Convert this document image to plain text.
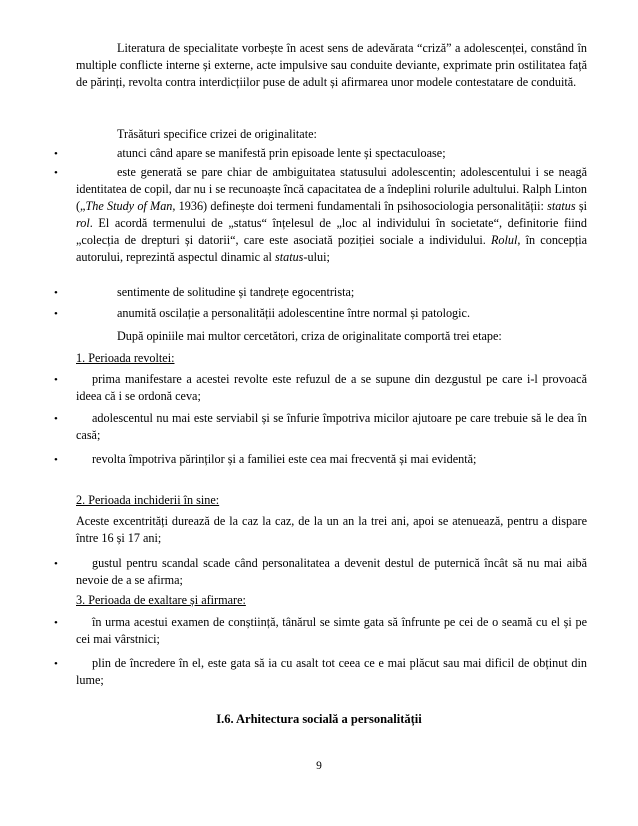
Literatura de specialitate vorbește în acest sens de adevărata “criză” a adolescenței, constând în multiple conflicte interne și externe, acte impulsive sau conduite deviante, exprimate prin ostilitatea față de părinți, revolta contra interdicțiilor puse de adult și afirmarea unor modele contestatare de conduită.

Trăsături specifice crizei de originalitate:

•	atunci când apare se manifestă prin episoade lente și spectaculoase;

•	este generată se pare chiar de ambiguitatea statusului adolescentin; adolescentului i se neagă identitatea de copil, dar nu i se recunoaște încă capacitatea de a îndeplini rolurile adultului. Ralph Linton („The Study of Man, 1936) definește doi termeni fundamentali în psihosociologia personalității: status și rol. El acordă termenului de „status“ înțelesul de „loc al individului în societate“, definitorie fiind „colecția de drepturi și datorii“, care este asociată poziției sociale a individului. Rolul, în concepția autorului, reprezintă aspectul dinamic al status-ului;

•	sentimente de solitudine și tandrețe egocentrista;

•	anumită oscilație a personalității adolescentine între normal și patologic.

După opiniile mai multor cercetători, criza de originalitate comportă trei etape:

1. Perioada revoltei:

•	prima manifestare a acestei revolte este refuzul de a se supune din dezgustul pe care i-l provoacă ideea că i se ordonă ceva;

•	adolescentul nu mai este serviabil și se înfurie împotriva micilor ajutoare pe care trebuie să le dea în casă;

•	revolta împotriva părinților și a familiei este cea mai frecventă și mai evidentă;

2. Perioada inchiderii în sine:

Aceste excentrități durează de la caz la caz, de la un an la trei ani, apoi se atenuează, pentru a dispare între 16 și 17 ani;

•	gustul pentru scandal scade când personalitatea a devenit destul de puternică încât să nu mai aibă nevoie de a se afirma;

3. Perioada de exaltare și afirmare:

•	în urma acestui examen de conștiință, tânărul se simte gata să înfrunte pe cei de o seamă cu el și pe cei mai vârstnici;

•	plin de încredere în el, este gata să ia cu asalt tot ceea ce e mai plăcut sau mai dificil de obținut din lume;

I.6. Arhitectura socială a personalității
9
